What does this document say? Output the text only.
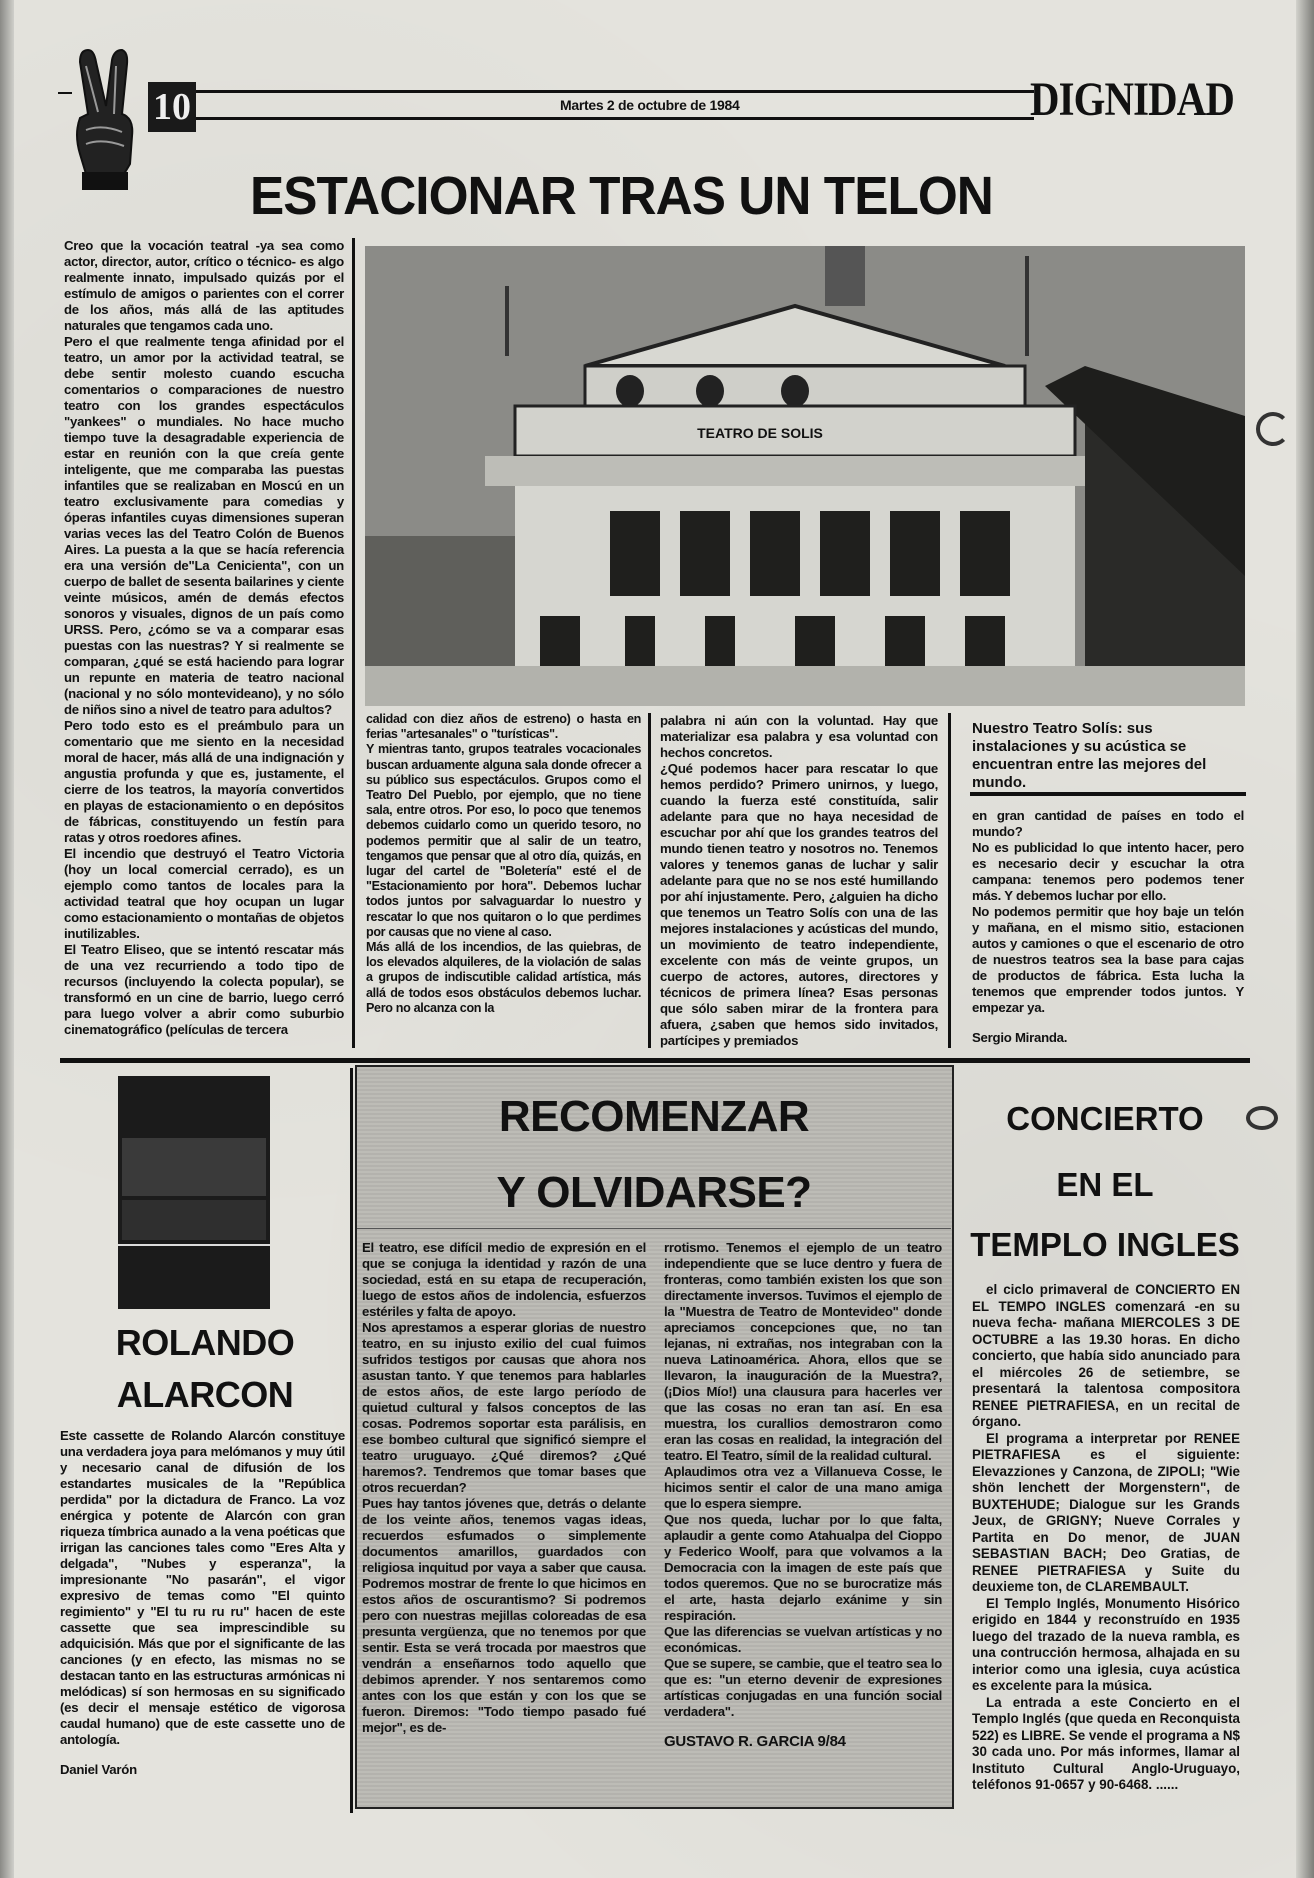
10	Martes 2 de octubre de 1984	DIGNIDAD
ESTACIONAR TRAS UN TELON

Creo que la vocación teatral -ya sea como actor, director, autor, crítico o técnico- es algo realmente innato, impulsado quizás por el estímulo de amigos o parientes con el correr de los años, más allá de las aptitudes naturales que tengamos cada uno.

Pero el que realmente tenga afinidad por el teatro, un amor por la actividad teatral, se debe sentir molesto cuando escucha comentarios o comparaciones de nuestro teatro con los grandes espectáculos "yankees" o mundiales. No hace mucho tiempo tuve la desagradable experiencia de estar en reunión con la que creía gente inteligente, que me comparaba las puestas infantiles que se realizaban en Moscú en un teatro exclusivamente para comedias y óperas infantiles cuyas dimensiones superan varias veces las del Teatro Colón de Buenos Aires. La puesta a la que se hacía referencia era una versión de"La Cenicienta", con un cuerpo de ballet de sesenta bailarines y ciente veinte músicos, amén de demás efectos sonoros y visuales, dignos de un país como URSS. Pero, ¿cómo se va a comparar esas puestas con las nuestras? Y si realmente se comparan, ¿qué se está haciendo para lograr un repunte en materia de teatro nacional (nacional y no sólo montevideano), y no sólo de niños sino a nivel de teatro para adultos?

Pero todo esto es el preámbulo para un comentario que me siento en la necesidad moral de hacer, más allá de una indignación y angustia profunda y que es, justamente, el cierre de los teatros, la mayoría convertidos en playas de estacionamiento o en depósitos de fábricas, constituyendo un festín para ratas y otros roedores afines.

El incendio que destruyó el Teatro Victoria (hoy un local comercial cerrado), es un ejemplo como tantos de locales para la actividad teatral que hoy ocupan un lugar como estacionamiento o montañas de objetos inutilizables.

El Teatro Eliseo, que se intentó rescatar más de una vez recurriendo a todo tipo de recursos (incluyendo la colecta popular), se transformó en un cine de barrio, luego cerró para luego volver a abrir como suburbio cinematográfico (películas de tercera

TEATRO DE SOLIS

calidad con diez años de estreno) o hasta en ferias "artesanales" o "turísticas".

Y mientras tanto, grupos teatrales vocacionales buscan arduamente alguna sala donde ofrecer a su público sus espectáculos. Grupos como el Teatro Del Pueblo, por ejemplo, que no tiene sala, entre otros. Por eso, lo poco que tenemos debemos cuidarlo como un querido tesoro, no podemos permitir que al salir de un teatro, tengamos que pensar que al otro día, quizás, en lugar del cartel de "Boletería" esté el de "Estacionamiento por hora". Debemos luchar todos juntos por salvaguardar lo nuestro y rescatar lo que nos quitaron o lo que perdimes por causas que no viene al caso.

Más allá de los incendios, de las quiebras, de los elevados alquileres, de la violación de salas a grupos de indiscutible calidad artística, más allá de todos esos obstáculos debemos luchar. Pero no alcanza con la

palabra ni aún con la voluntad. Hay que materializar esa palabra y esa voluntad con hechos concretos.

¿Qué podemos hacer para rescatar lo que hemos perdido? Primero unirnos, y luego, cuando la fuerza esté constituída, salir adelante para que no haya necesidad de escuchar por ahí que los grandes teatros del mundo tienen teatro y nosotros no. Tenemos valores y tenemos ganas de luchar y salir adelante para que no se nos esté humillando por ahí injustamente. Pero, ¿alguien ha dicho que tenemos un Teatro Solís con una de las mejores instalaciones y acústicas del mundo, un movimiento de teatro independiente, excelente con más de veinte grupos, un cuerpo de actores, autores, directores y técnicos de primera línea? Esas personas que sólo saben mirar de la frontera para afuera, ¿saben que hemos sido invitados, partícipes y premiados

Nuestro Teatro Solís: sus instalaciones y su acústica se encuentran entre las mejores del mundo.

en gran cantidad de países en todo el mundo?

No es publicidad lo que intento hacer, pero es necesario decir y escuchar la otra campana: tenemos pero podemos tener más. Y debemos luchar por ello.

No podemos permitir que hoy baje un telón y mañana, en el mismo sitio, estacionen autos y camiones o que el escenario de otro de nuestros teatros sea la base para cajas de productos de fábrica. Esta lucha la tenemos que emprender todos juntos. Y empezar ya.

Sergio Miranda.

ROLANDO
ALARCON

Este cassette de Rolando Alarcón constituye una verdadera joya para melómanos y muy útil y necesario canal de difusión de los estandartes musicales de la "República perdida" por la dictadura de Franco. La voz enérgica y potente de Alarcón con gran riqueza tímbrica aunado a la vena poéticas que irrigan las canciones tales como "Eres Alta y delgada", "Nubes y esperanza", la impresionante "No pasarán", el vigor expresivo de temas como "El quinto regimiento" y "El tu ru ru ru" hacen de este cassette que sea imprescindible su adquicisión. Más que por el significante de las canciones (y en efecto, las mismas no se destacan tanto en las estructuras armónicas ni melódicas) sí son hermosas en su significado (es decir el mensaje estético de vigorosa caudal humano) que de este cassette uno de antología.

Daniel Varón

RECOMENZAR
Y OLVIDARSE?

El teatro, ese difícil medio de expresión en el que se conjuga la identidad y razón de una sociedad, está en su etapa de recuperación, luego de estos años de indolencia, esfuerzos estériles y falta de apoyo.

Nos aprestamos a esperar glorias de nuestro teatro, en su injusto exilio del cual fuimos sufridos testigos por causas que ahora nos asustan tanto. Y que tenemos para hablarles de estos años, de este largo período de quietud cultural y falsos conceptos de las cosas. Podremos soportar esta parálisis, en ese bombeo cultural que significó siempre el teatro uruguayo. ¿Qué diremos? ¿Qué haremos?. Tendremos que tomar bases que otros recuerdan?

Pues hay tantos jóvenes que, detrás o delante de los veinte años, tenemos vagas ideas, recuerdos esfumados o simplemente documentos amarillos, guardados con religiosa inquitud por vaya a saber que causa. Podremos mostrar de frente lo que hicimos en estos años de oscurantismo? Si podremos pero con nuestras mejillas coloreadas de esa presunta vergüenza, que no tenemos por que sentir. Esta se verá trocada por maestros que vendrán a enseñarnos todo aquello que debimos aprender. Y nos sentaremos como antes con los que están y con los que se fueron. Diremos: "Todo tiempo pasado fué mejor", es de-

rrotismo. Tenemos el ejemplo de un teatro independiente que se luce dentro y fuera de fronteras, como también existen los que son directamente inversos. Tuvimos el ejemplo de la "Muestra de Teatro de Montevideo" donde apreciamos concepciones que, no tan lejanas, ni extrañas, nos integraban con la nueva Latinoamérica. Ahora, ellos que se llevaron, la inauguración de la Muestra?, (¡Dios Mío!) una clausura para hacerles ver que las cosas no eran tan así. En esa muestra, los curallios demostraron como eran las cosas en realidad, la integración del teatro. El Teatro, símil de la realidad cultural.

Aplaudimos otra vez a Villanueva Cosse, le hicimos sentir el calor de una mano amiga que lo espera siempre.

Que nos queda, luchar por lo que falta, aplaudir a gente como Atahualpa del Cioppo y Federico Woolf, para que volvamos a la Democracia con la imagen de este país que todos queremos. Que no se burocratize más el arte, hasta dejarlo exánime y sin respiración.

Que las diferencias se vuelvan artísticas y no económicas.

Que se supere, se cambie, que el teatro sea lo que es: "un eterno devenir de expresiones artísticas conjugadas en una función social verdadera".

GUSTAVO R. GARCIA 9/84

CONCIERTO
EN EL
TEMPLO INGLES

el ciclo primaveral de CONCIERTO EN EL TEMPO INGLES comenzará -en su nueva fecha- mañana MIERCOLES 3 DE OCTUBRE a las 19.30 horas. En dicho concierto, que había sido anunciado para el miércoles 26 de setiembre, se presentará la talentosa compositora RENEE PIETRAFIESA, en un recital de órgano.

El programa a interpretar por RENEE PIETRAFIESA es el siguiente: Elevazziones y Canzona, de ZIPOLI; "Wie shön lenchett der Morgenstern", de BUXTEHUDE; Dialogue sur les Grands Jeux, de GRIGNY; Nueve Corrales y Partita en Do menor, de JUAN SEBASTIAN BACH; Deo Gratias, de RENEE PIETRAFIESA y Suite du deuxieme ton, de CLAREMBAULT.

El Templo Inglés, Monumento Hisórico erigido en 1844 y reconstruído en 1935 luego del trazado de la nueva rambla, es una contrucción hermosa, alhajada en su interior como una iglesia, cuya acústica es excelente para la música.

La entrada a este Concierto en el Templo Inglés (que queda en Reconquista 522) es LIBRE. Se vende el programa a N$ 30 cada uno. Por más informes, llamar al Instituto Cultural Anglo-Uruguayo, teléfonos 91-0657 y 90-6468. ......
